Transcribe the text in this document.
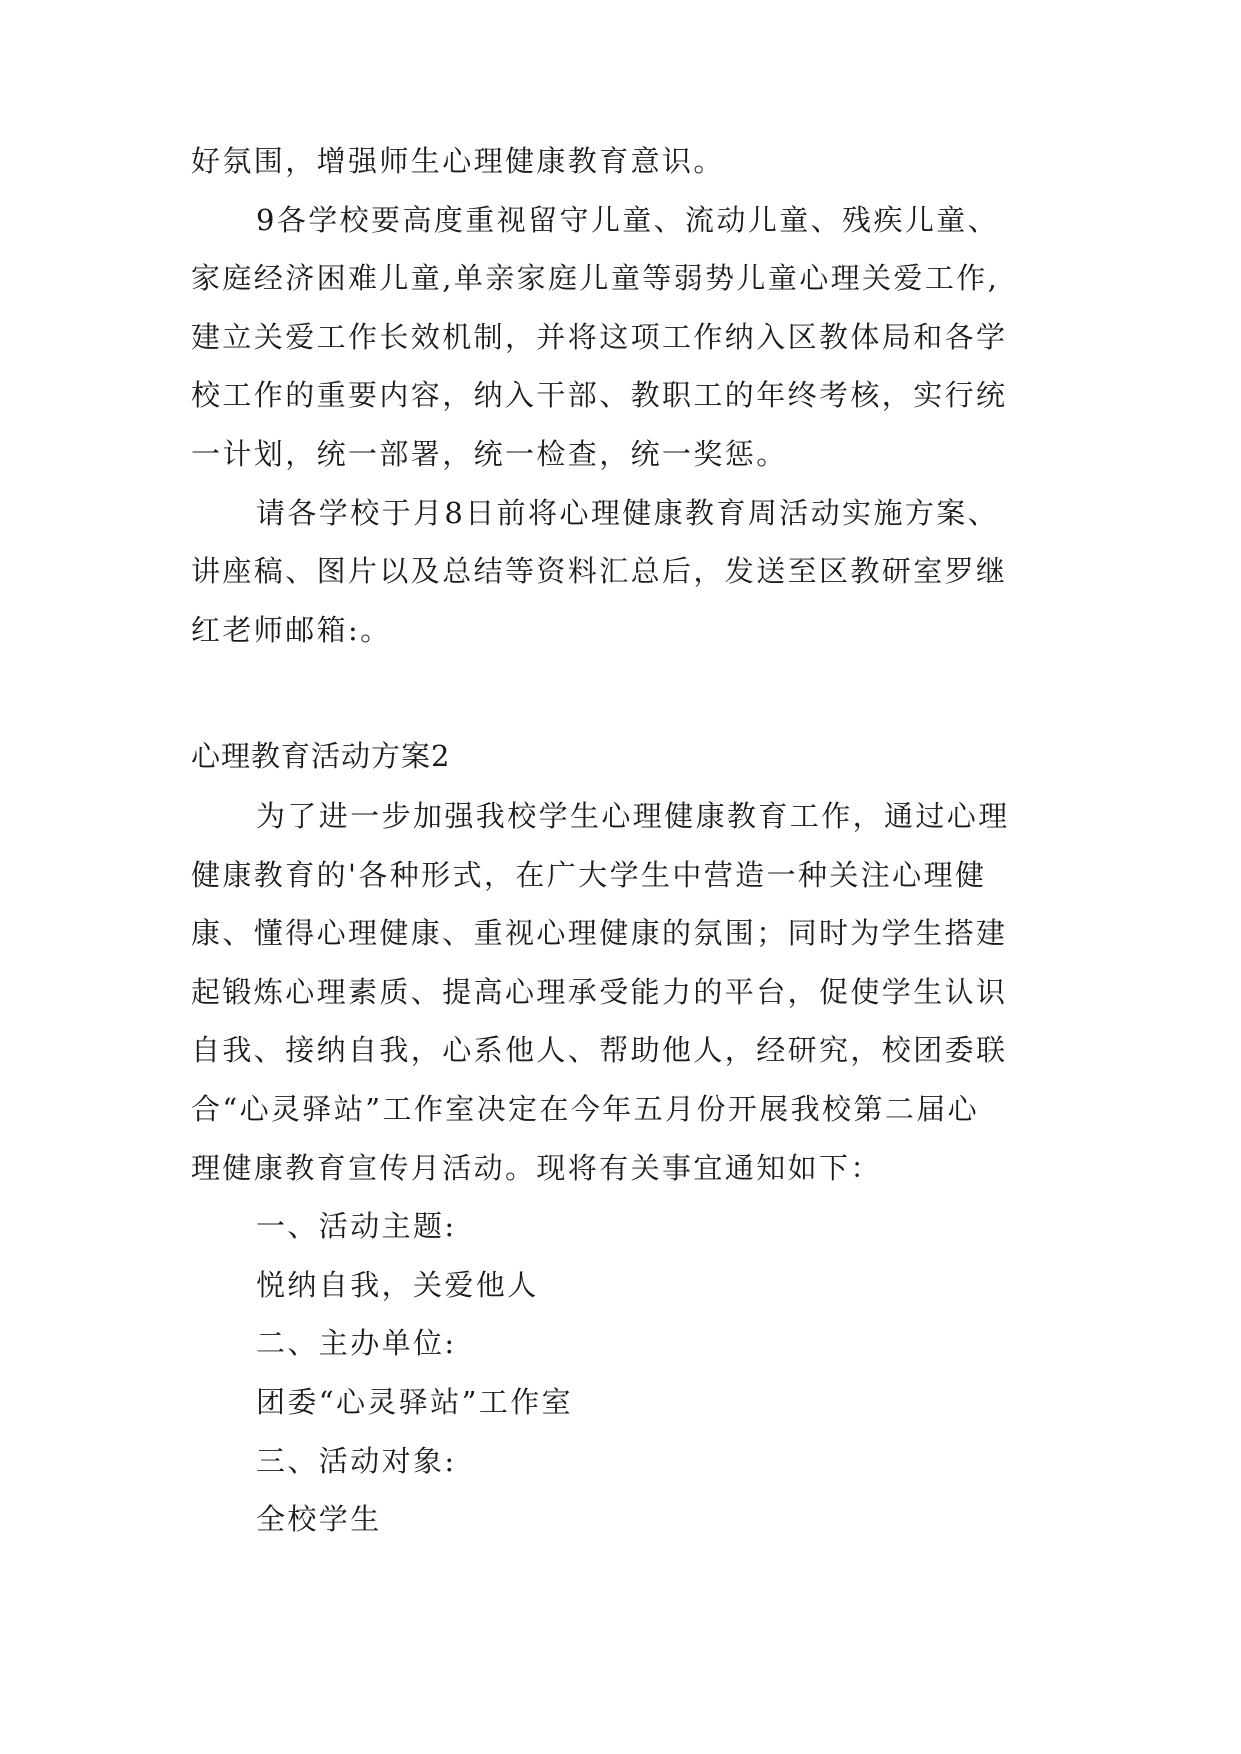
好氛围，增强师生心理健康教育意识。
9各学校要高度重视留守儿童、流动儿童、残疾儿童、
家庭经济困难儿童,单亲家庭儿童等弱势儿童心理关爱工作,
建立关爱工作长效机制，并将这项工作纳入区教体局和各学
校工作的重要内容，纳入干部、教职工的年终考核，实行统
一计划，统一部署，统一检查，统一奖惩。
请各学校于月8日前将心理健康教育周活动实施方案、
讲座稿、图片以及总结等资料汇总后，发送至区教研室罗继
红老师邮箱:。
心理教育活动方案2
为了进一步加强我校学生心理健康教育工作，通过心理
健康教育的'各种形式，在广大学生中营造一种关注心理健
康、懂得心理健康、重视心理健康的氛围；同时为学生搭建
起锻炼心理素质、提高心理承受能力的平台，促使学生认识
自我、接纳自我，心系他人、帮助他人，经研究，校团委联
合“心灵驿站”工作室决定在今年五月份开展我校第二届心
理健康教育宣传月活动。现将有关事宜通知如下：
一、活动主题:
悦纳自我，关爱他人
二、主办单位:
团委“心灵驿站”工作室
三、活动对象:
全校学生
